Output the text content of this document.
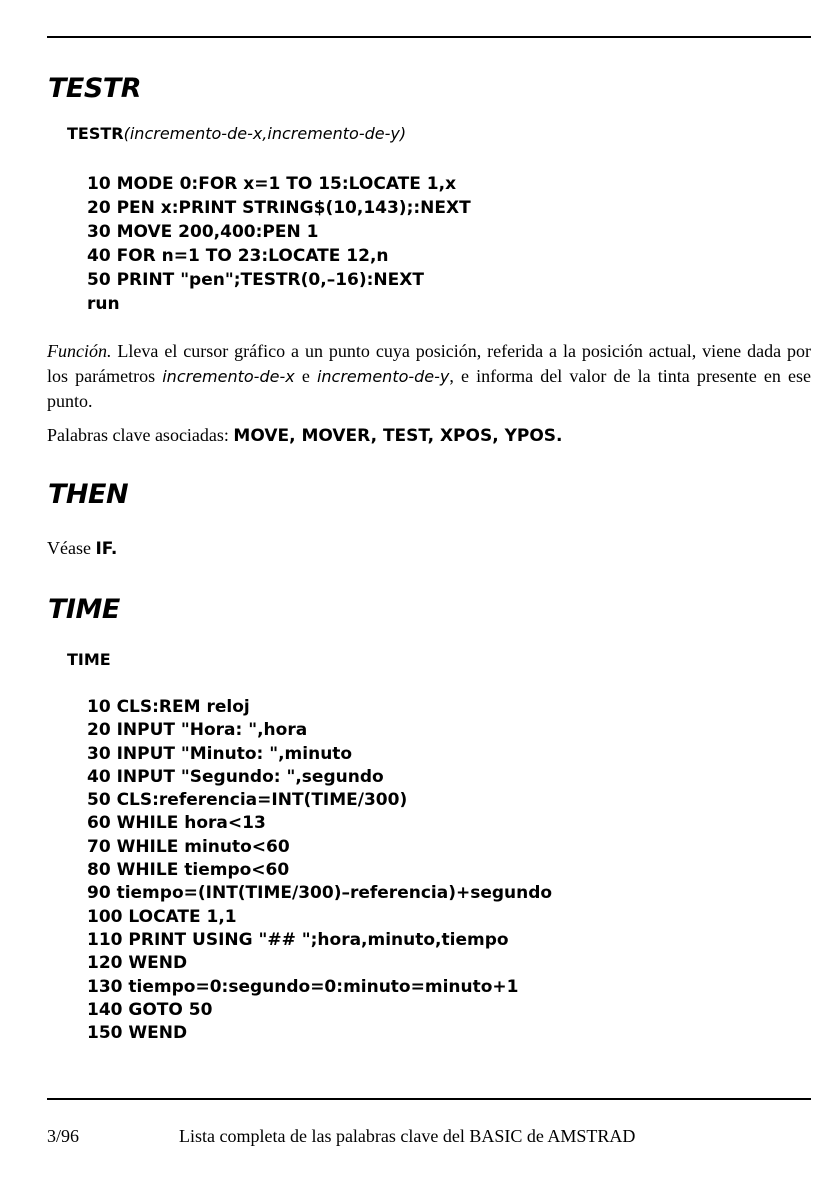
TESTR
TESTR(incremento-de-x,incremento-de-y)
10 MODE 0:FOR x=1 TO 15:LOCATE 1,x
20 PEN x:PRINT STRING$(10,143);:NEXT
30 MOVE 200,400:PEN 1
40 FOR n=1 TO 23:LOCATE 12,n
50 PRINT "pen";TESTR(0,–16):NEXT
run

Función. Lleva el cursor gráfico a un punto cuya posición, referida a la posición actual, viene dada por los parámetros incremento-de-x e incremento-de-y, e informa del valor de la tinta presente en ese punto.

Palabras clave asociadas: MOVE, MOVER, TEST, XPOS, YPOS.

THEN

Véase IF.

TIME
TIME
10 CLS:REM reloj
20 INPUT "Hora: ",hora
30 INPUT "Minuto: ",minuto
40 INPUT "Segundo: ",segundo
50 CLS:referencia=INT(TIME/300)
60 WHILE hora<13
70 WHILE minuto<60
80 WHILE tiempo<60
90 tiempo=(INT(TIME/300)–referencia)+segundo
100 LOCATE 1,1
110 PRINT USING "## ";hora,minuto,tiempo
120 WEND
130 tiempo=0:segundo=0:minuto=minuto+1
140 GOTO 50
150 WEND
3/96	Lista completa de las palabras clave del BASIC de AMSTRAD
